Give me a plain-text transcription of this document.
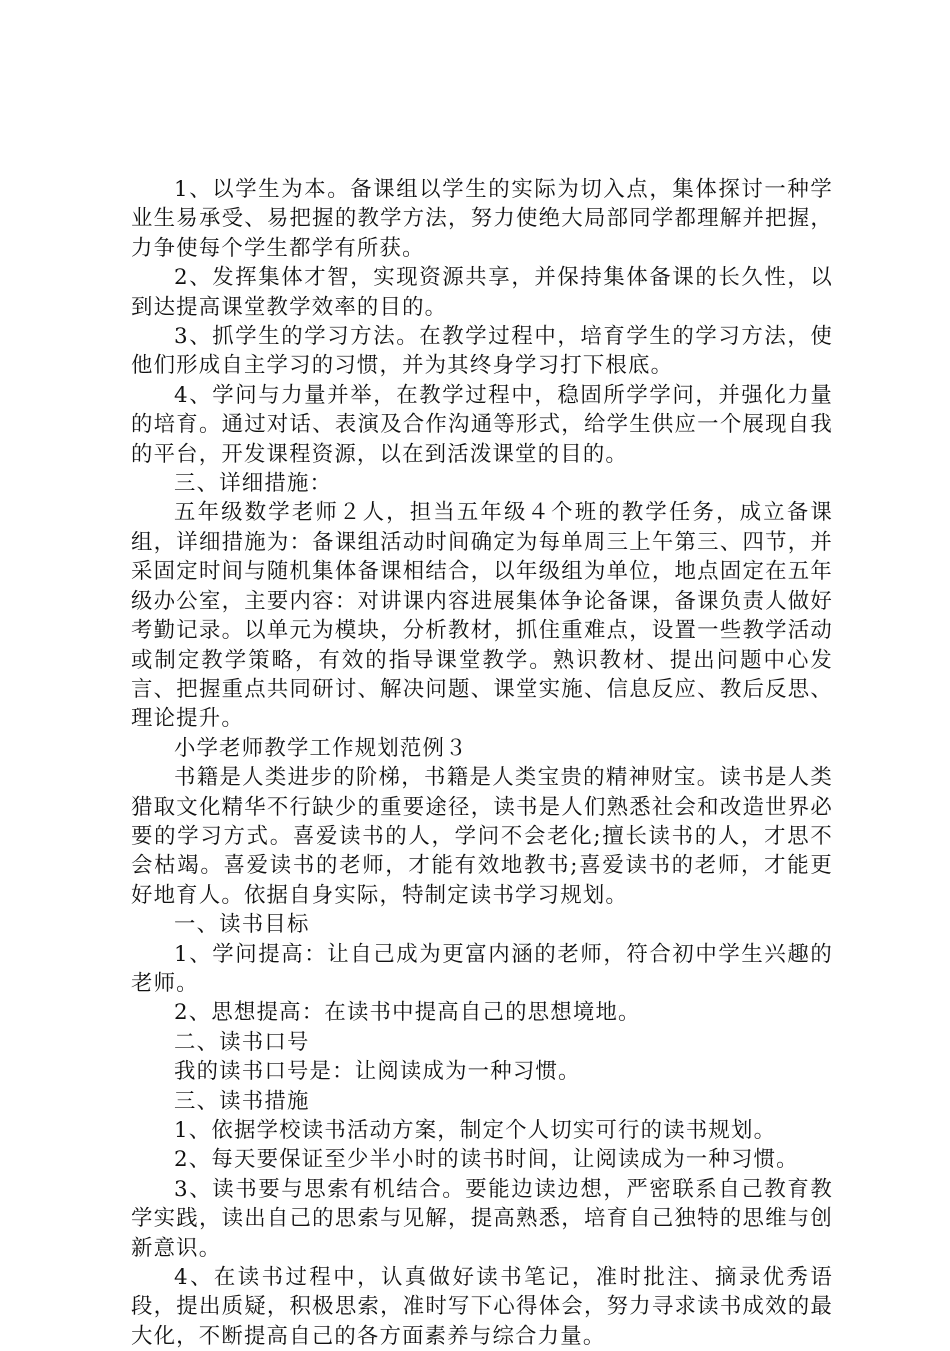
1、以学生为本。备课组以学生的实际为切入点，集体探讨一种学业生易承受、易把握的教学方法，努力使绝大局部同学都理解并把握，力争使每个学生都学有所获。

2、发挥集体才智，实现资源共享，并保持集体备课的长久性，以到达提高课堂教学效率的目的。

3、抓学生的学习方法。在教学过程中，培育学生的学习方法，使他们形成自主学习的习惯，并为其终身学习打下根底。

4、学问与力量并举，在教学过程中，稳固所学学问，并强化力量的培育。通过对话、表演及合作沟通等形式，给学生供应一个展现自我的平台，开发课程资源，以在到活泼课堂的目的。

三、详细措施：

五年级数学老师２人，担当五年级４个班的教学任务，成立备课组，详细措施为：备课组活动时间确定为每单周三上午第三、四节，并采固定时间与随机集体备课相结合，以年级组为单位，地点固定在五年级办公室，主要内容：对讲课内容进展集体争论备课，备课负责人做好考勤记录。以单元为模块，分析教材，抓住重难点，设置一些教学活动或制定教学策略，有效的指导课堂教学。熟识教材、提出问题中心发言、把握重点共同研讨、解决问题、课堂实施、信息反应、教后反思、理论提升。

小学老师教学工作规划范例３

书籍是人类进步的阶梯，书籍是人类宝贵的精神财宝。读书是人类猎取文化精华不行缺少的重要途径，读书是人们熟悉社会和改造世界必要的学习方式。喜爱读书的人，学问不会老化;擅长读书的人，才思不会枯竭。喜爱读书的老师，才能有效地教书;喜爱读书的老师，才能更好地育人。依据自身实际，特制定读书学习规划。

一、读书目标

1、学问提高：让自己成为更富内涵的老师，符合初中学生兴趣的老师。

2、思想提高：在读书中提高自己的思想境地。

二、读书口号

我的读书口号是：让阅读成为一种习惯。

三、读书措施

1、依据学校读书活动方案，制定个人切实可行的读书规划。

2、每天要保证至少半小时的读书时间，让阅读成为一种习惯。

3、读书要与思索有机结合。要能边读边想，严密联系自己教育教学实践，读出自己的思索与见解，提高熟悉，培育自己独特的思维与创新意识。

4、在读书过程中，认真做好读书笔记，准时批注、摘录优秀语段，提出质疑，积极思索，准时写下心得体会，努力寻求读书成效的最大化，不断提高自己的各方面素养与综合力量。
